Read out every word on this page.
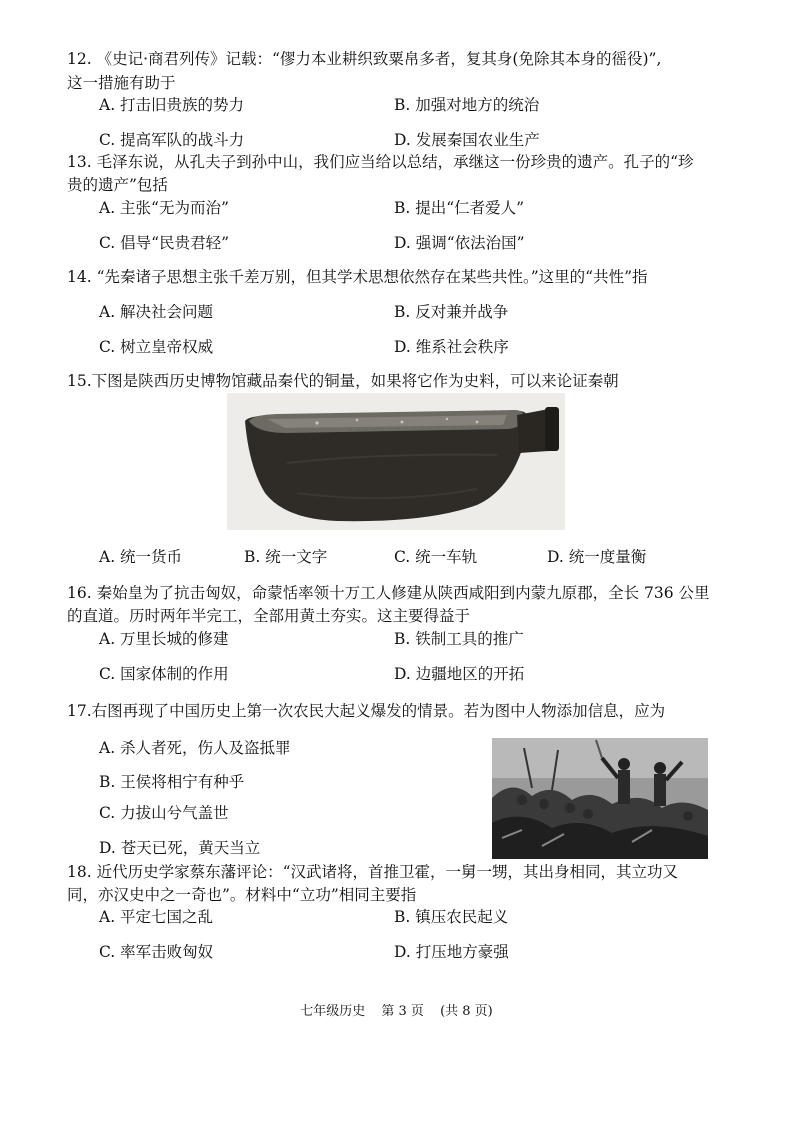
12. 《史记·商君列传》记载：“僇力本业耕织致粟帛多者，复其身(免除其本身的徭役)”,
这一措施有助于
A. 打击旧贵族的势力	B. 加强对地方的统治
C. 提高军队的战斗力	D. 发展秦国农业生产
13. 毛泽东说，从孔夫子到孙中山，我们应当给以总结，承继这一份珍贵的遗产。孔子的“珍
贵的遗产”包括
A. 主张“无为而治”	B. 提出“仁者爱人”
C. 倡导“民贵君轻”	D. 强调“依法治国”
14. “先秦诸子思想主张千差万别，但其学术思想依然存在某些共性。”这里的“共性”指
A. 解决社会问题	B. 反对兼并战争
C. 树立皇帝权威	D. 维系社会秩序
15.下图是陕西历史博物馆藏品秦代的铜量，如果将它作为史料，可以来论证秦朝
A. 统一货币	B. 统一文字	C. 统一车轨	D. 统一度量衡
16. 秦始皇为了抗击匈奴，命蒙恬率领十万工人修建从陕西咸阳到内蒙九原郡，全长 736 公里
的直道。历时两年半完工，全部用黄土夯实。这主要得益于
A. 万里长城的修建	B. 铁制工具的推广
C. 国家体制的作用	D. 边疆地区的开拓
17.右图再现了中国历史上第一次农民大起义爆发的情景。若为图中人物添加信息，应为
A. 杀人者死，伤人及盗抵罪
B. 王侯将相宁有种乎
C. 力拔山兮气盖世
D. 苍天已死，黄天当立
18. 近代历史学家蔡东藩评论：“汉武诸将，首推卫霍，一舅一甥，其出身相同，其立功又
同，亦汉史中之一奇也”。材料中“立功”相同主要指
A. 平定七国之乱	B. 镇压农民起义
C. 率军击败匈奴	D. 打压地方豪强
七年级历史 第 3 页 (共 8 页)
